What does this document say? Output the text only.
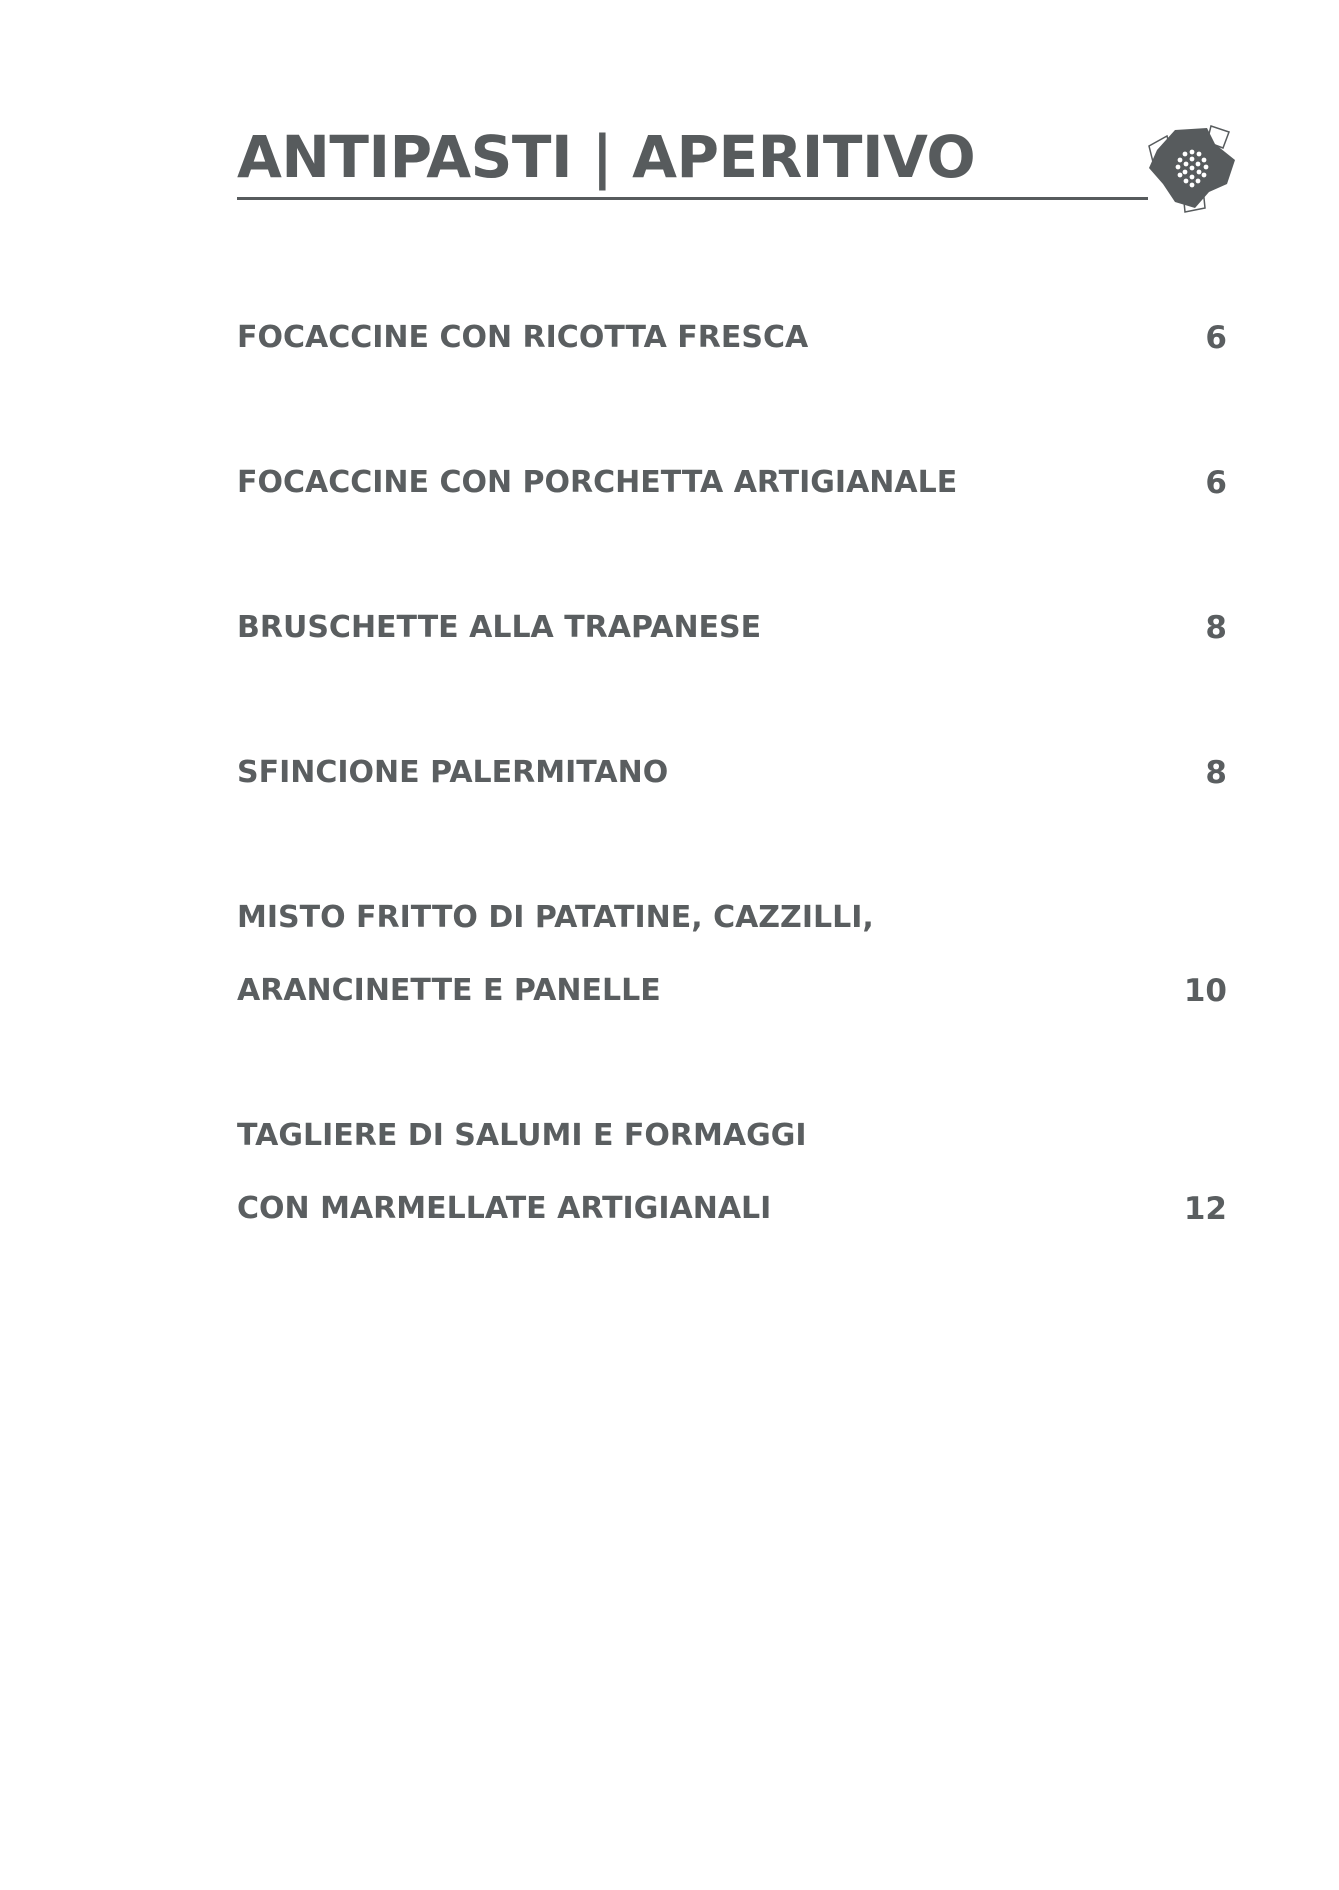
ANTIPASTI | APERITIVO

FOCACCINE CON RICOTTA FRESCA	6

FOCACCINE CON PORCHETTA ARTIGIANALE	6

BRUSCHETTE ALLA TRAPANESE	8

SFINCIONE PALERMITANO	8

MISTO FRITTO DI PATATINE, CAZZILLI,

ARANCINETTE E PANELLE	10

TAGLIERE DI SALUMI E FORMAGGI

CON MARMELLATE ARTIGIANALI	12
